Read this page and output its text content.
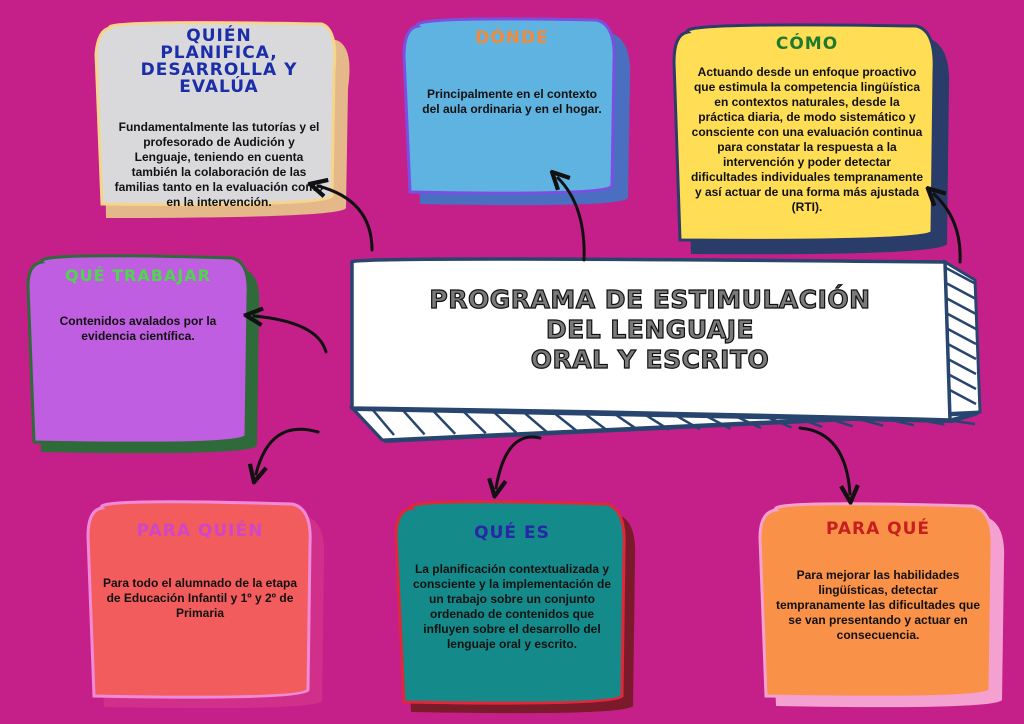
QUIÉN
PLANIFICA,
DESARROLLA Y
EVALÚA

Fundamentalmente las tutorías y el profesorado de Audición y Lenguaje, teniendo en cuenta también la colaboración de las familias tanto en la evaluación como en la intervención.

DÓNDE

Principalmente en el contexto del aula ordinaria y en el hogar.

CÓMO

Actuando desde un enfoque proactivo que estimula la competencia lingüística en contextos naturales, desde la práctica diaria, de modo sistemático y consciente con una evaluación continua para constatar la respuesta a la intervención y poder detectar dificultades individuales tempranamente y así actuar de una forma más ajustada (RTI).

QUÉ TRABAJAR

Contenidos avalados por la evidencia científica.

PARA QUIÉN

Para todo el alumnado de la etapa de Educación Infantil y 1º y 2º de Primaria

QUÉ ES

La planificación contextualizada y consciente y la implementación de un trabajo sobre un conjunto ordenado de contenidos que influyen sobre el desarrollo del lenguaje oral y escrito.

PARA QUÉ

Para mejorar las habilidades lingüísticas, detectar tempranamente las dificultades que se van presentando y actuar en consecuencia.

PROGRAMA DE ESTIMULACIÓN
DEL LENGUAJE
ORAL Y ESCRITO
